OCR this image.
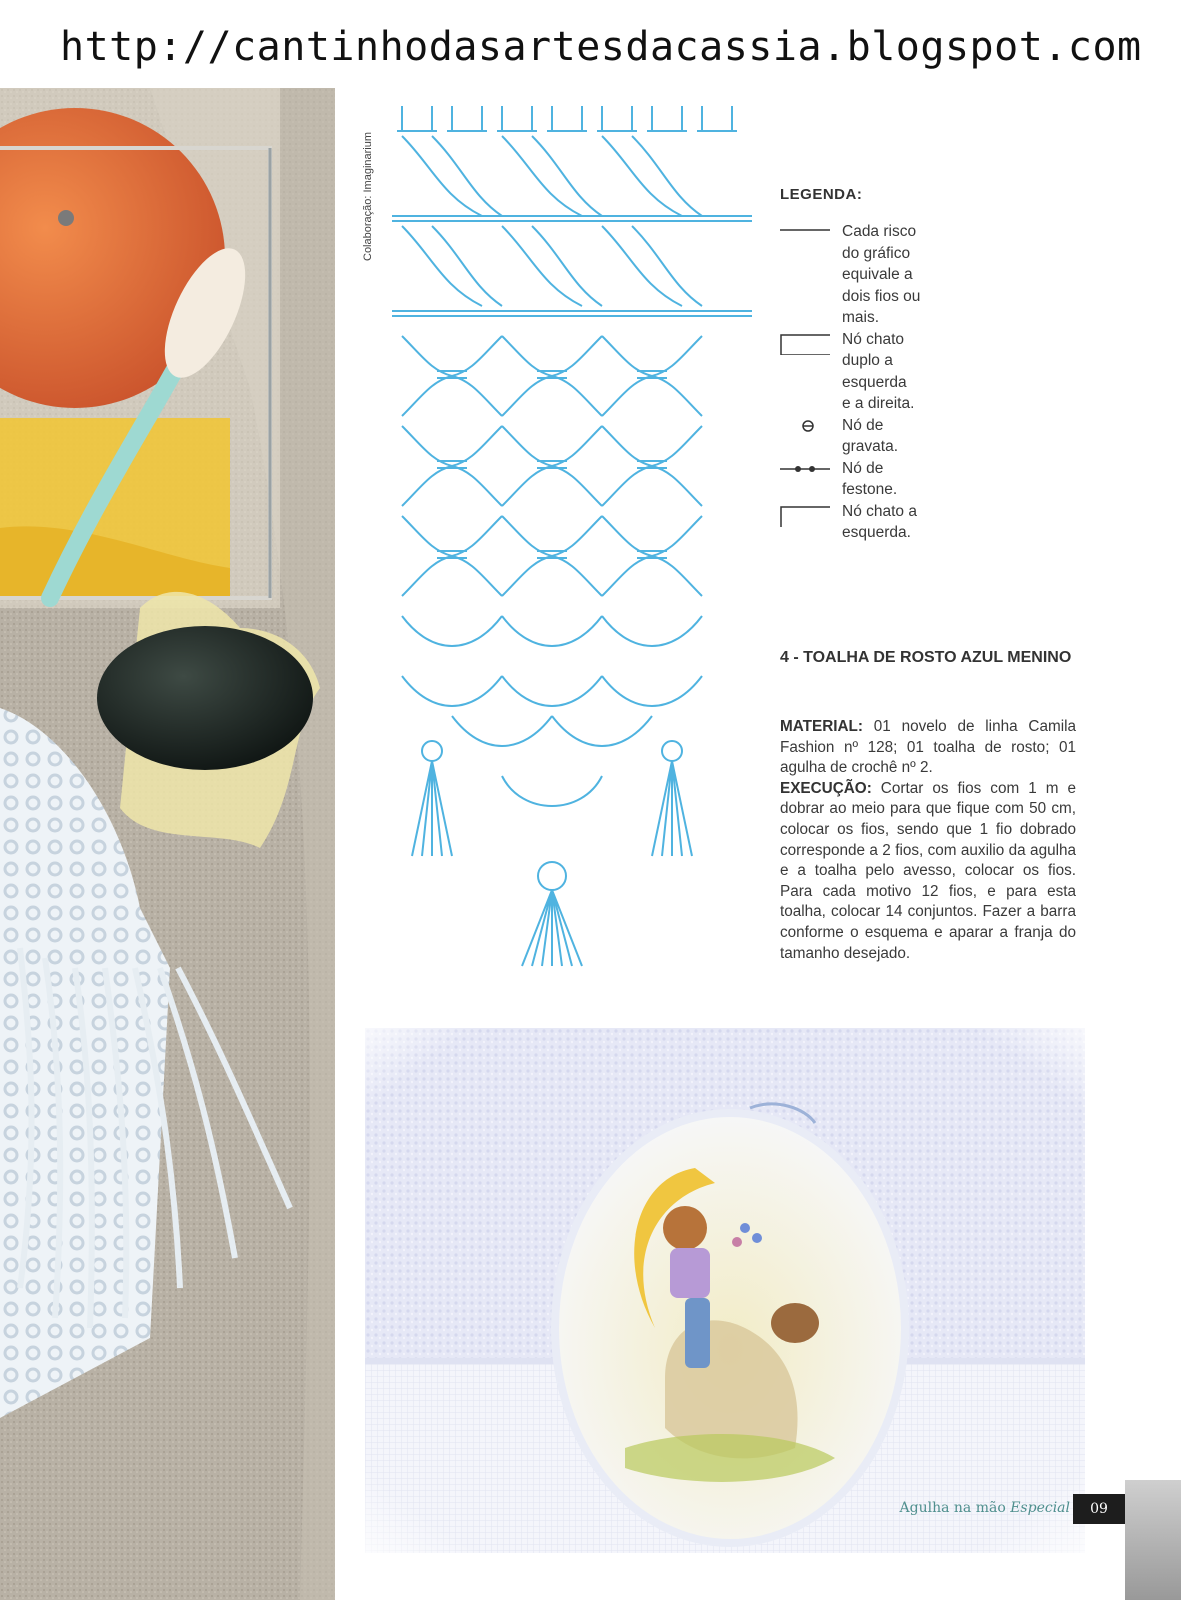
http://cantinhodasartesdacassia.blogspot.com
Colaboração: Imaginarium	LEGENDA:
Cada risco
do gráfico
equivale a
dois fios ou
mais.
Nó chato
duplo a
esquerda
e a direita.
Nó de
gravata.
Nó de
festone.
Nó chato a
esquerda.
4 - TOALHA DE ROSTO AZUL MENINO
MATERIAL: 01 novelo de linha Camila Fashion nº 128; 01 toalha de rosto; 01 agulha de crochê nº 2.
EXECUÇÃO: Cortar os fios com 1 m e dobrar ao meio para que fique com 50 cm, colocar os fios, sendo que 1 fio dobrado corresponde a 2 fios, com auxilio da agulha e a toalha pelo avesso, colocar os fios. Para cada motivo 12 fios, e para esta toalha, colocar 14 conjuntos. Fazer a barra conforme o esquema e aparar a franja do tamanho desejado.
Agulha na mão Especial	09
